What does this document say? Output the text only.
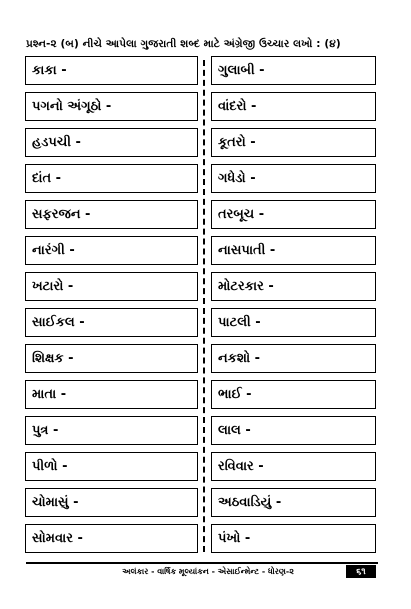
પ્રશ્ન-૨ (બ) નીચે આપેલા ગુજરાતી શબ્દ માટે અંગ્રેજી ઉચ્ચાર લખો : (૪)
કાકા -
પગનો અંગૂઠો -
હડપચી -
દાંત -
સફરજન -
નારંગી -
ખટારો -
સાઈકલ -
શિક્ષક -
માતા -
પુત્ર -
પીળો -
ચોમાસું -
સોમવાર -
ગુલાબી -
વાંદરો -
કૂતરો -
ગધેડો -
તરબૂચ -
નાસપાતી -
મોટરકાર -
પાટલી -
નકશો -
ભાઈ -
લાલ -
રવિવાર -
અઠવાડિયું -
પંખો -
અલંકાર - વાર્ષિક મૂલ્યાંકન - એસાઈન્મેન્ટ - ધોરણ-૨	૬૧
